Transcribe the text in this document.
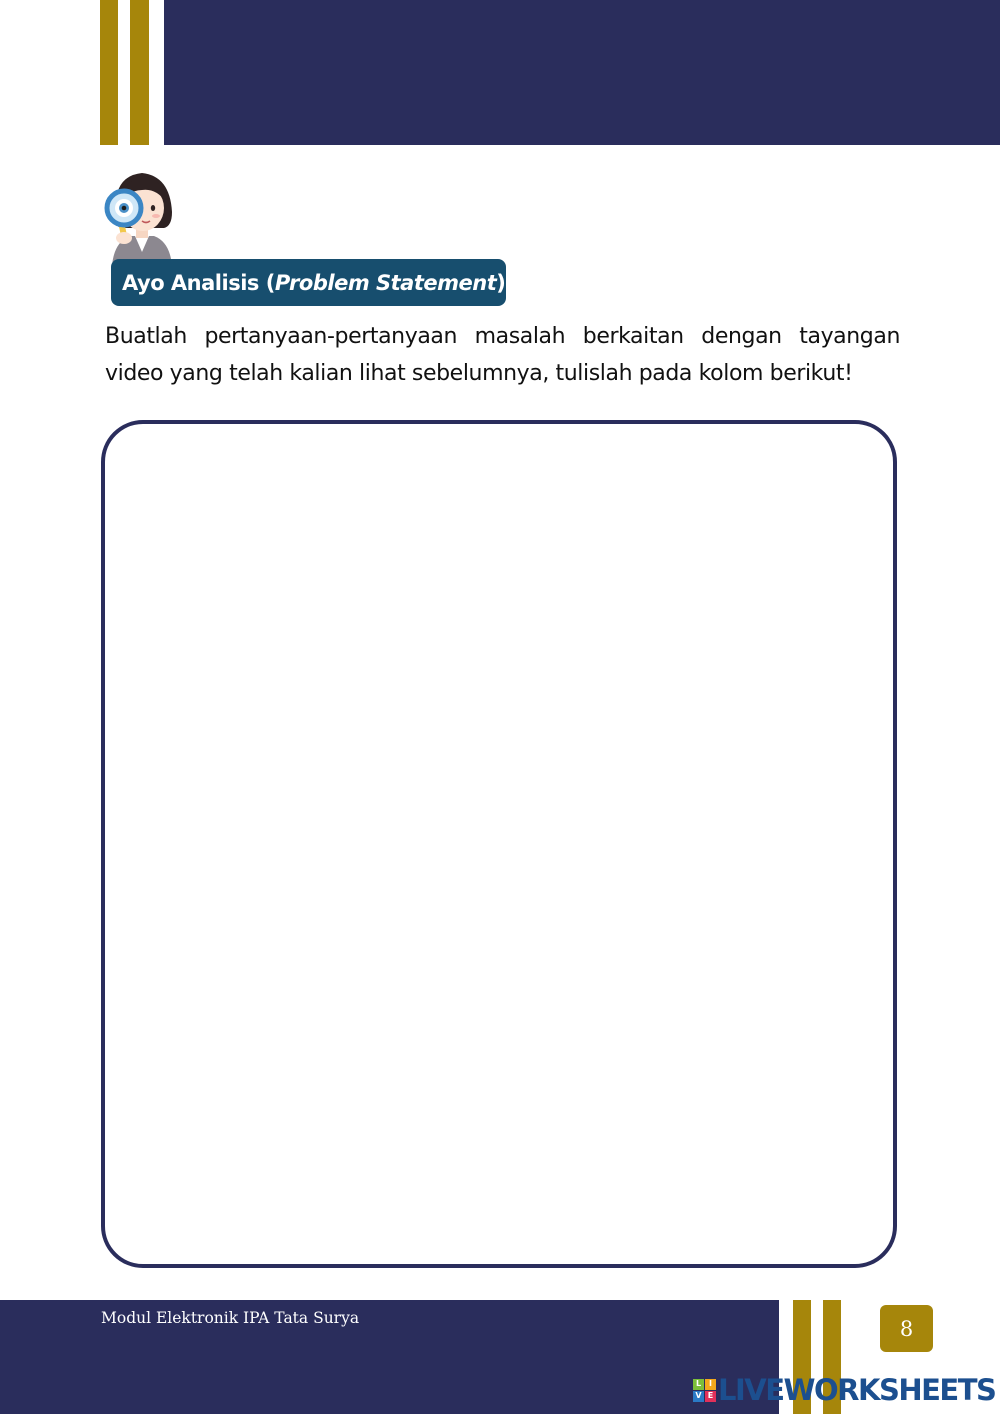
Ayo Analisis ( Problem Statement )

Buatlah pertanyaan-pertanyaan masalah berkaitan dengan tayangan video yang telah kalian lihat sebelumnya, tulislah pada kolom berikut!

Modul Elektronik IPA Tata Surya	8
L I
V E LIVEWORKSHEETS
